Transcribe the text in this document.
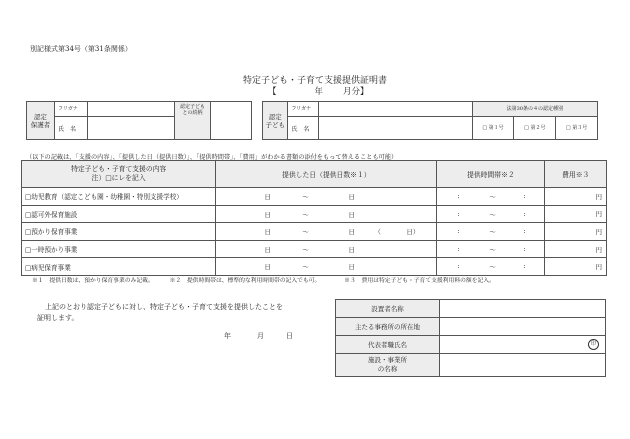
別記様式第34号（第31条関係）
特定子ども・子育て支援提供証明書
【	年 月分】
認定
保護者	フリガナ		認定子ども
との続柄	
	氏　名			
認定
子ども	フリガナ		法第30条の４の認定種別		
	氏　名		□ 第１号	□ 第２号	□ 第３号
（以下の記載は、「支援の内容」、「提供した日（提供日数）」、「提供時間帯」、「費用」がわかる書類の添付をもって替えることも可能）
特定子ども・子育て支援の内容
注）□にレを記入	提供した日（提供日数※１）	提供時間帯※２	費用※３
□幼児教育（認定こども園・幼稚園・特別支援学校）	日 〜 日	: 〜 :	円
□認可外保育施設	日 〜 日	: 〜 :	円
□預かり保育事業	日 〜 日 （ 日）	: 〜 :	円
□一時預かり事業	日 〜 日	: 〜 :	円
□病児保育事業	日 〜 日	: 〜 :	円
※１　提供日数は、預かり保育事業のみ記載。	※２　提供時間帯は、標準的な利用時間帯の記入でも可。	※３　費用は特定子ども・子育て支援利用料の額を記入。
上記のとおり認定子どもに対し、特定子ども・子育て支援を提供したことを
証明します。
年	月	日
設置者名称	
主たる事務所の所在地	
代表者職氏名	印
施設・事業所
の名称	
